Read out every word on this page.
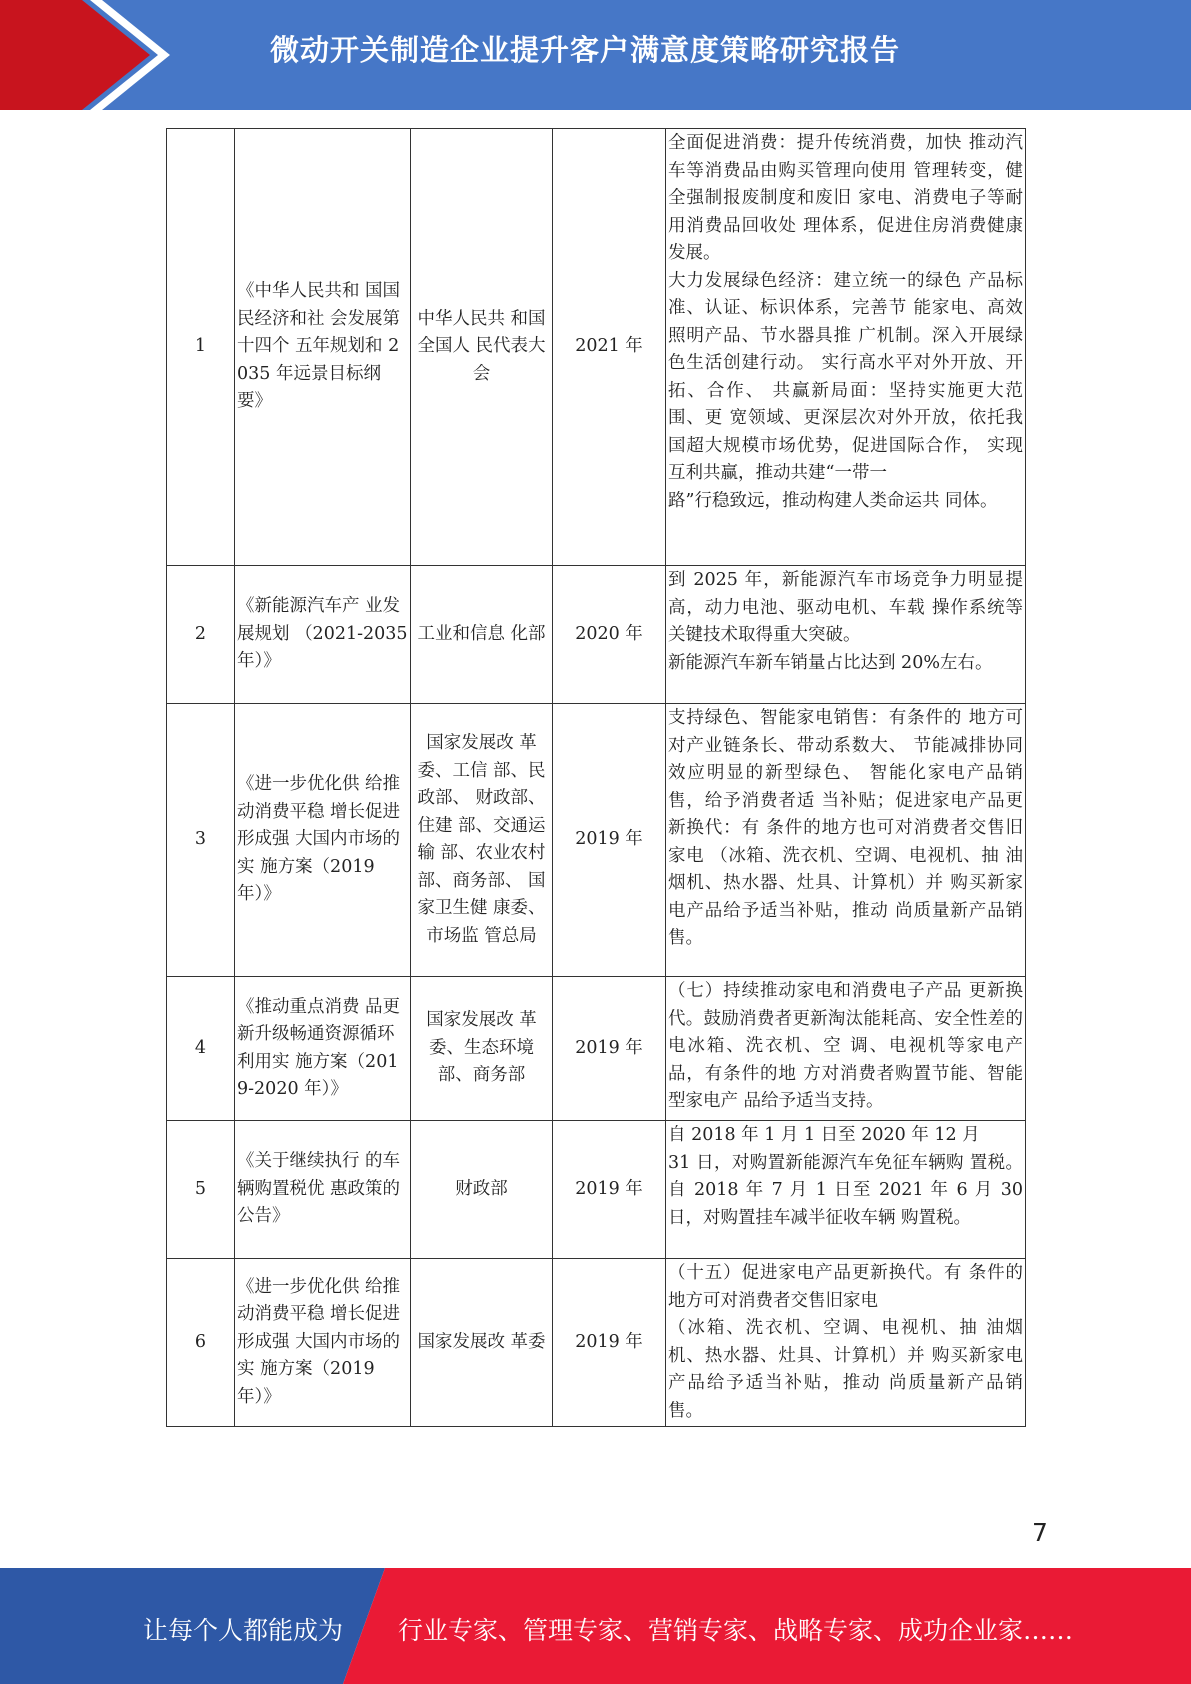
微动开关制造企业提升客户满意度策略研究报告
1	《中华人民共和 国国民经济和社 会发展第十四个 五年规划和 2035 年远景目标纲 要》	中华人民共 和国全国人 民代表大会	2021 年	全面促进消费：提升传统消费，加快 推动汽车等消费品由购买管理向使用 管理转变，健全强制报废制度和废旧 家电、消费电子等耐用消费品回收处 理体系，促进住房消费健康发展。

大力发展绿色经济：建立统一的绿色 产品标准、认证、标识体系，完善节 能家电、高效照明产品、节水器具推 广机制。深入开展绿色生活创建行动。 实行高水平对外开放、开拓、合作、 共赢新局面：坚持实施更大范围、更 宽领域、更深层次对外开放，依托我 国超大规模市场优势，促进国际合作， 实现互利共赢，推动共建“一带一

路”行稳致远，推动构建人类命运共 同体。

2	《新能源汽车产 业发展规划 （2021-2035 年）》	工业和信息 化部	2020 年	到 2025 年，新能源汽车市场竞争力明显提高，动力电池、驱动电机、车载 操作系统等关键技术取得重大突破。

新能源汽车新车销量占比达到 20%左右。

3	《进一步优化供 给推动消费平稳 增长促进形成强 大国内市场的实 施方案（2019 年）》	国家发展改 革委、工信 部、民政部、 财政部、住建 部、交通运输 部、农业农村 部、商务部、 国家卫生健 康委、市场监 管总局	2019 年	支持绿色、智能家电销售：有条件的 地方可对产业链条长、带动系数大、 节能减排协同效应明显的新型绿色、 智能化家电产品销售，给予消费者适 当补贴；促进家电产品更新换代：有 条件的地方也可对消费者交售旧家电 （冰箱、洗衣机、空调、电视机、抽 油烟机、热水器、灶具、计算机）并 购买新家电产品给予适当补贴，推动 尚质量新产品销售。

4	《推动重点消费 品更新升级畅通资源循环利用实 施方案（2019-2020 年）》	国家发展改 革委、生态环境部、商务部	2019 年	（七）持续推动家电和消费电子产品 更新换代。鼓励消费者更新淘汰能耗高、安全性差的电冰箱、洗衣机、空 调、电视机等家电产品，有条件的地 方对消费者购置节能、智能型家电产 品给予适当支持。

5	《关于继续执行 的车辆购置税优 惠政策的公告》	财政部	2019 年	自 2018 年 1 月 1 日至 2020 年 12 月

31 日，对购置新能源汽车免征车辆购 置税。自 2018 年 7 月 1 日至 2021 年 6 月 30 日，对购置挂车减半征收车辆 购置税。

6	《进一步优化供 给推动消费平稳 增长促进形成强 大国内市场的实 施方案（2019 年）》	国家发展改 革委	2019 年	（十五）促进家电产品更新换代。有 条件的地方可对消费者交售旧家电

（冰箱、洗衣机、空调、电视机、抽 油烟机、热水器、灶具、计算机）并 购买新家电产品给予适当补贴，推动 尚质量新产品销售。

7
让每个人都能成为 行业专家、管理专家、营销专家、战略专家、成功企业家……
